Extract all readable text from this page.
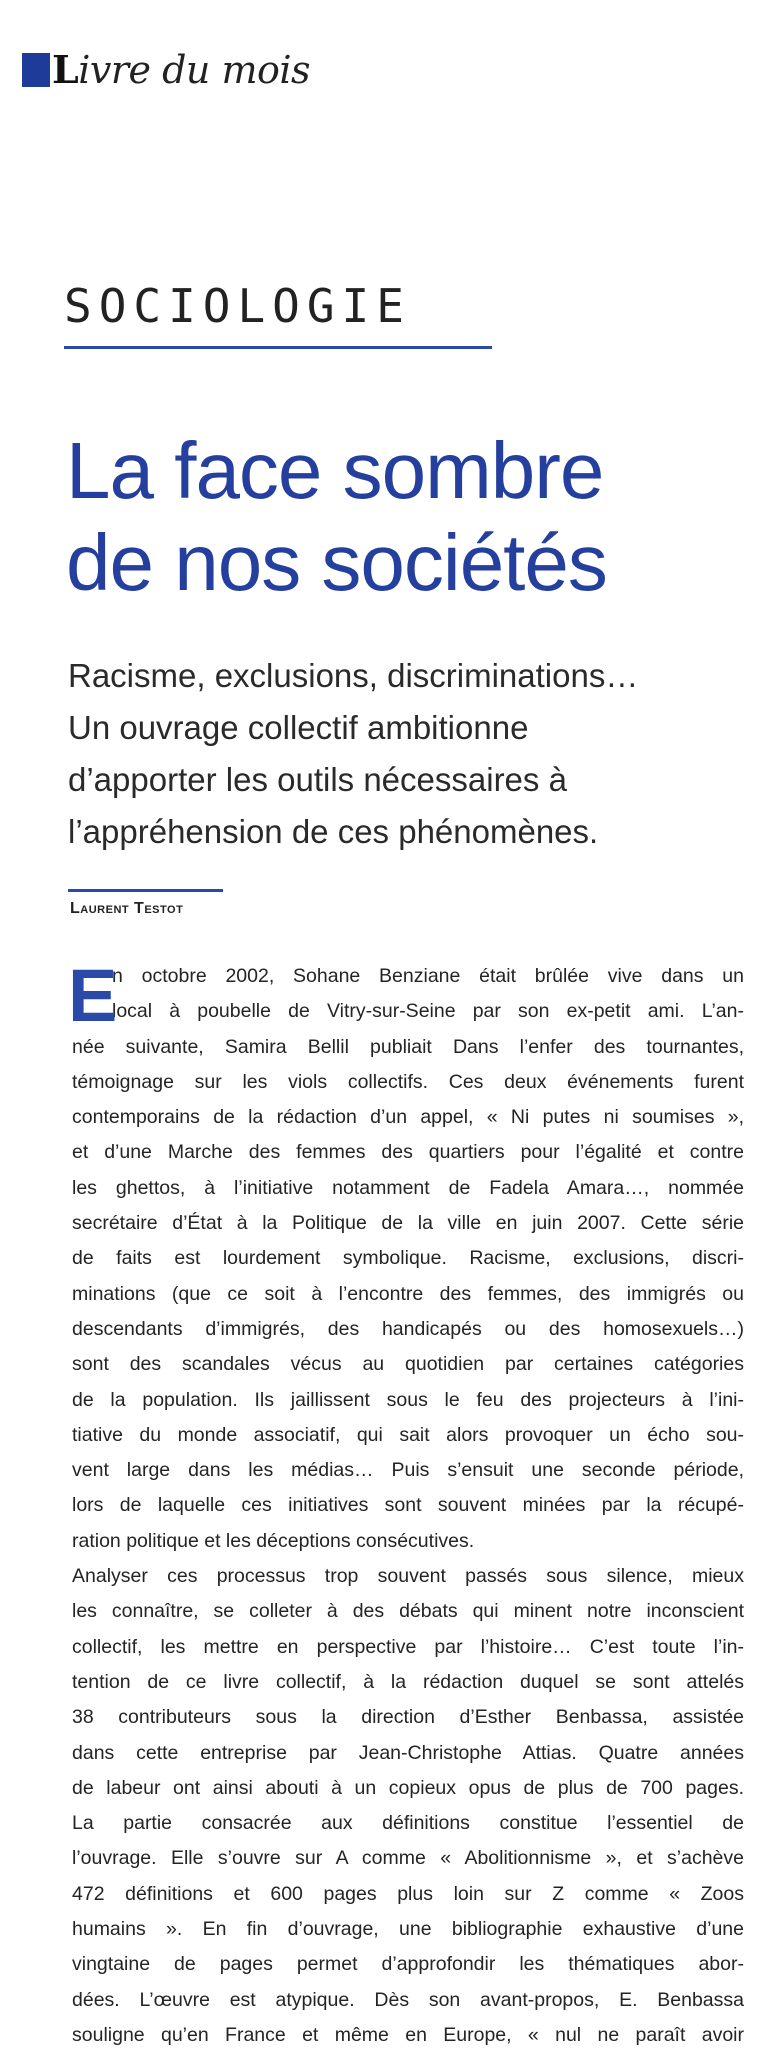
Livre du mois
SOCIOLOGIE
La face sombre
de nos sociétés

Racisme, exclusions, discriminations…
Un ouvrage collectif ambitionne
d’apporter les outils nécessaires à
l’appréhension de ces phénomènes.

Laurent Testot
E
n octobre 2002, Sohane Benziane était brûlée vive dans un
local à poubelle de Vitry-sur-Seine par son ex-petit ami. L’an-
née suivante, Samira Bellil publiait Dans l’enfer des tournantes,
témoignage sur les viols collectifs. Ces deux événements furent
contemporains de la rédaction d’un appel, « Ni putes ni soumises »,
et d’une Marche des femmes des quartiers pour l’égalité et contre
les ghettos, à l’initiative notamment de Fadela Amara…, nommée
secrétaire d’État à la Politique de la ville en juin 2007. Cette série
de faits est lourdement symbolique. Racisme, exclusions, discri-
minations (que ce soit à l’encontre des femmes, des immigrés ou
descendants d’immigrés, des handicapés ou des homosexuels…)
sont des scandales vécus au quotidien par certaines catégories
de la population. Ils jaillissent sous le feu des projecteurs à l’ini-
tiative du monde associatif, qui sait alors provoquer un écho sou-
vent large dans les médias… Puis s’ensuit une seconde période,
lors de laquelle ces initiatives sont souvent minées par la récupé-
ration politique et les déceptions consécutives.
Analyser ces processus trop souvent passés sous silence, mieux
les connaître, se colleter à des débats qui minent notre inconscient
collectif, les mettre en perspective par l’histoire… C’est toute l’in-
tention de ce livre collectif, à la rédaction duquel se sont attelés
38 contributeurs sous la direction d’Esther Benbassa, assistée
dans cette entreprise par Jean-Christophe Attias. Quatre années
de labeur ont ainsi abouti à un copieux opus de plus de 700 pages.
La partie consacrée aux définitions constitue l’essentiel de
l’ouvrage. Elle s’ouvre sur A comme « Abolitionnisme », et s’achève
472 définitions et 600 pages plus loin sur Z comme « Zoos
humains ». En fin d’ouvrage, une bibliographie exhaustive d’une
vingtaine de pages permet d’approfondir les thématiques abor-
dées. L’œuvre est atypique. Dès son avant-propos, E. Benbassa
souligne qu’en France et même en Europe, « nul ne paraît avoir
